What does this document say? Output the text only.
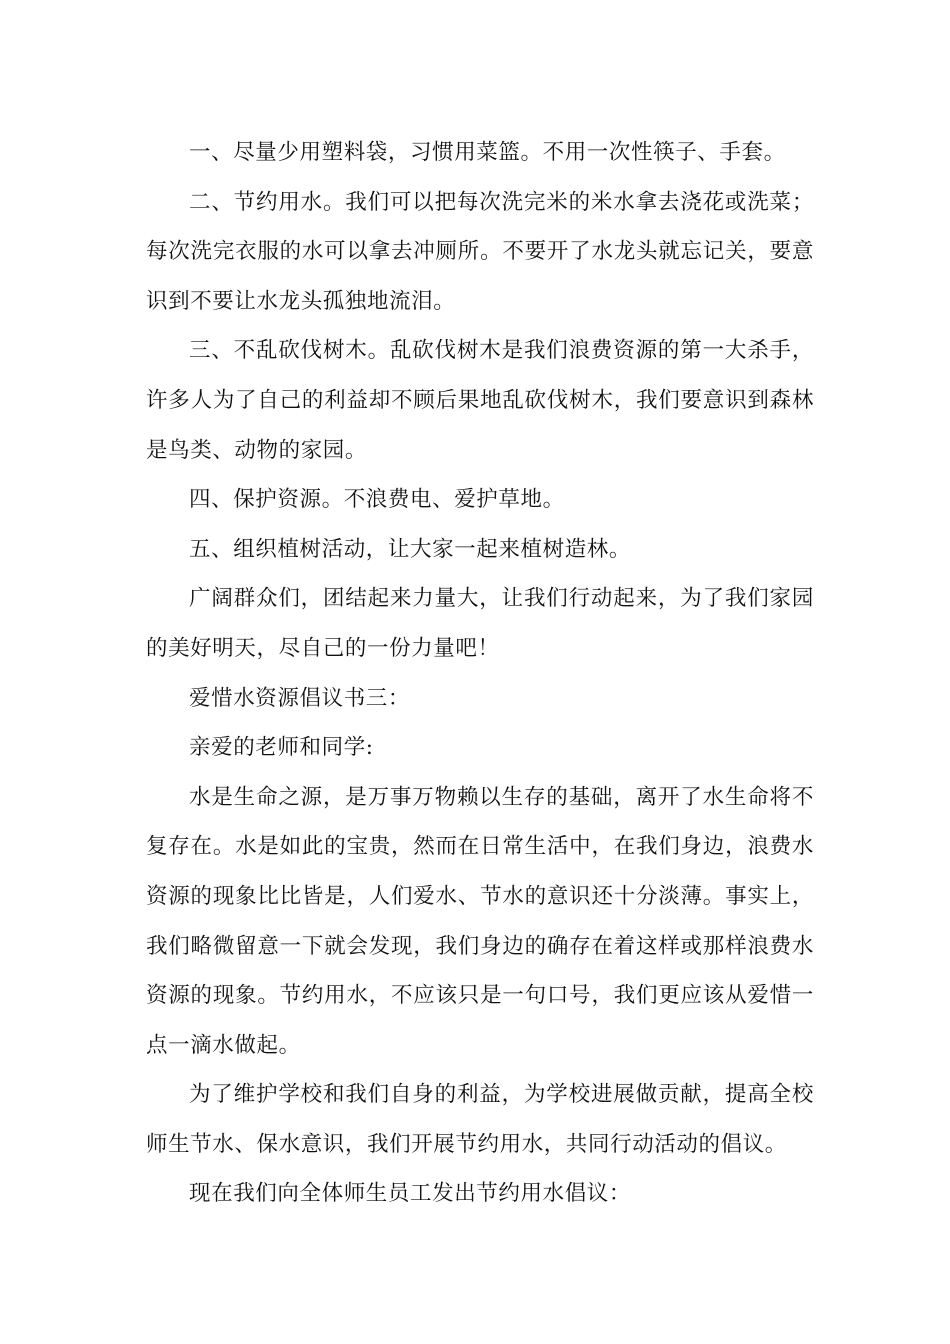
一、尽量少用塑料袋，习惯用菜篮。不用一次性筷子、手套。

二、节约用水。我们可以把每次洗完米的米水拿去浇花或洗菜；每次洗完衣服的水可以拿去冲厕所。不要开了水龙头就忘记关，要意识到不要让水龙头孤独地流泪。

三、不乱砍伐树木。乱砍伐树木是我们浪费资源的第一大杀手，许多人为了自己的利益却不顾后果地乱砍伐树木，我们要意识到森林是鸟类、动物的家园。

四、保护资源。不浪费电、爱护草地。

五、组织植树活动，让大家一起来植树造林。

广阔群众们，团结起来力量大，让我们行动起来，为了我们家园的美好明天，尽自己的一份力量吧！

爱惜水资源倡议书三：

亲爱的老师和同学:

水是生命之源，是万事万物赖以生存的基础，离开了水生命将不复存在。水是如此的宝贵，然而在日常生活中，在我们身边，浪费水资源的现象比比皆是，人们爱水、节水的意识还十分淡薄。事实上，我们略微留意一下就会发现，我们身边的确存在着这样或那样浪费水资源的现象。节约用水，不应该只是一句口号，我们更应该从爱惜一点一滴水做起。

为了维护学校和我们自身的利益，为学校进展做贡献，提高全校师生节水、保水意识，我们开展节约用水，共同行动活动的倡议。

现在我们向全体师生员工发出节约用水倡议：
